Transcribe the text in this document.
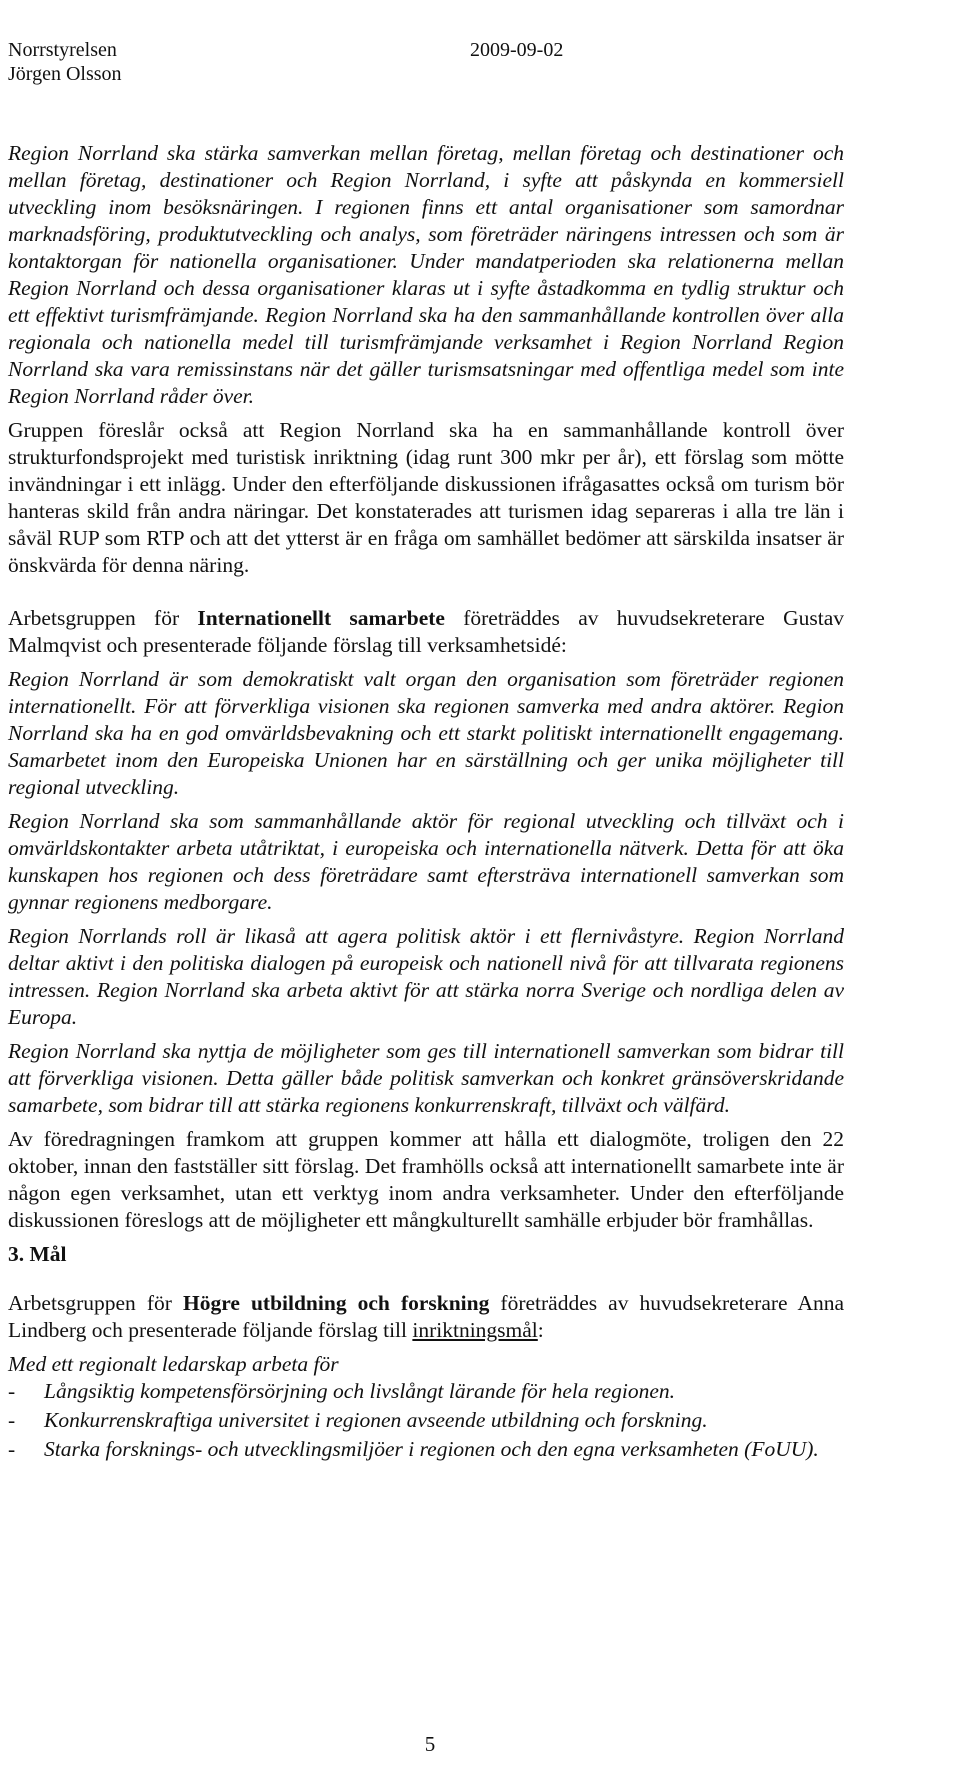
Norrstyrelsen
Jörgen Olsson
2009-09-02

Region Norrland ska stärka samverkan mellan företag, mellan företag och destinationer och mellan företag, destinationer och Region Norrland, i syfte att påskynda en kommersiell utveckling inom besöksnäringen. I regionen finns ett antal organisationer som samordnar marknadsföring, produktutveckling och analys, som företräder näringens intressen och som är kontaktorgan för nationella organisationer. Under mandatperioden ska relationerna mellan Region Norrland och dessa organisationer klaras ut i syfte åstadkomma en tydlig struktur och ett effektivt turismfrämjande. Region Norrland ska ha den sammanhållande kontrollen över alla regionala och nationella medel till turismfrämjande verksamhet i Region Norrland Region Norrland ska vara remissinstans när det gäller turismsatsningar med offentliga medel som inte Region Norrland råder över.

Gruppen föreslår också att Region Norrland ska ha en sammanhållande kontroll över strukturfondsprojekt med turistisk inriktning (idag runt 300 mkr per år), ett förslag som mötte invändningar i ett inlägg. Under den efterföljande diskussionen ifrågasattes också om turism bör hanteras skild från andra näringar. Det konstaterades att turismen idag separeras i alla tre län i såväl RUP som RTP och att det ytterst är en fråga om samhället bedömer att särskilda insatser är önskvärda för denna näring.

Arbetsgruppen för Internationellt samarbete företräddes av huvudsekreterare Gustav Malmqvist och presenterade följande förslag till verksamhetsidé:

Region Norrland är som demokratiskt valt organ den organisation som företräder regionen internationellt. För att förverkliga visionen ska regionen samverka med andra aktörer. Region Norrland ska ha en god omvärldsbevakning och ett starkt politiskt internationellt engagemang. Samarbetet inom den Europeiska Unionen har en särställning och ger unika möjligheter till regional utveckling.

Region Norrland ska som sammanhållande aktör för regional utveckling och tillväxt och i omvärldskontakter arbeta utåtriktat, i europeiska och internationella nätverk. Detta för att öka kunskapen hos regionen och dess företrädare samt eftersträva internationell samverkan som gynnar regionens medborgare.

Region Norrlands roll är likaså att agera politisk aktör i ett flernivåstyre. Region Norrland deltar aktivt i den politiska dialogen på europeisk och nationell nivå för att tillvarata regionens intressen. Region Norrland ska arbeta aktivt för att stärka norra Sverige och nordliga delen av Europa.

Region Norrland ska nyttja de möjligheter som ges till internationell samverkan som bidrar till att förverkliga visionen. Detta gäller både politisk samverkan och konkret gränsöverskridande samarbete, som bidrar till att stärka regionens konkurrenskraft, tillväxt och välfärd.

Av föredragningen framkom att gruppen kommer att hålla ett dialogmöte, troligen den 22 oktober, innan den fastställer sitt förslag. Det framhölls också att internationellt samarbete inte är någon egen verksamhet, utan ett verktyg inom andra verksamheter. Under den efterföljande diskussionen föreslogs att de möjligheter ett mångkulturellt samhälle erbjuder bör framhållas.

3. Mål

Arbetsgruppen för Högre utbildning och forskning företräddes av huvudsekreterare Anna Lindberg och presenterade följande förslag till inriktningsmål:

Med ett regionalt ledarskap arbeta för

- Långsiktig kompetensförsörjning och livslångt lärande för hela regionen.
- Konkurrenskraftiga universitet i regionen avseende utbildning och forskning.
- Starka forsknings- och utvecklingsmiljöer i regionen och den egna verksamheten (FoUU).
5
